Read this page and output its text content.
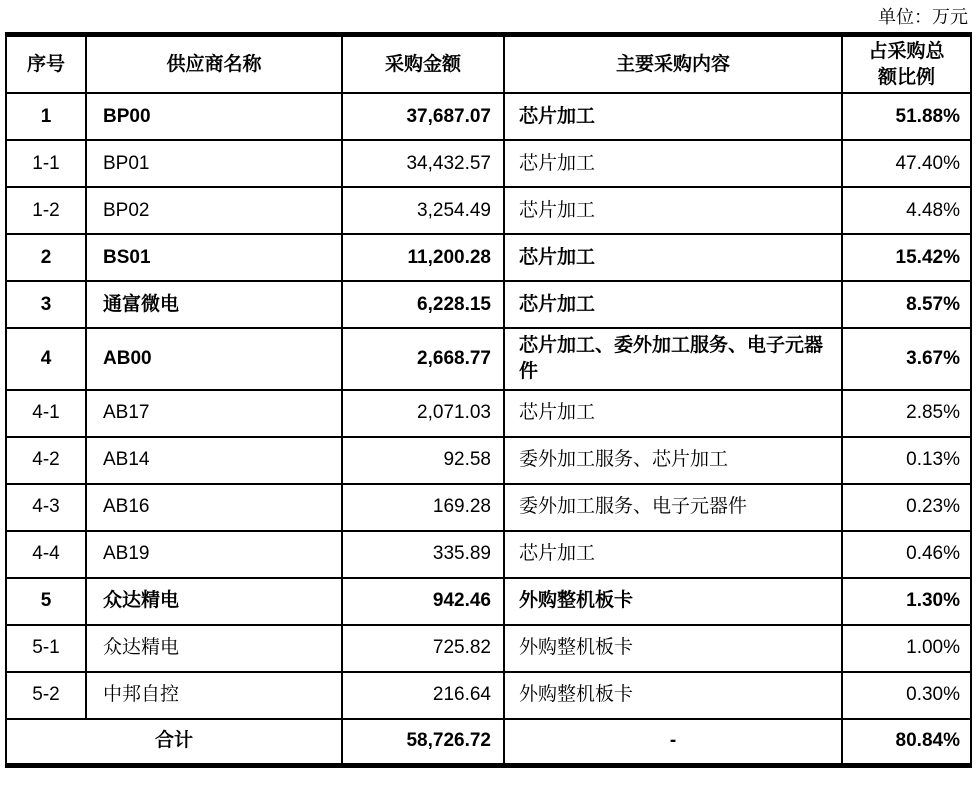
单位：万元
序号	供应商名称	采购金额	主要采购内容	占采购总额比例
1	BP00	37,687.07	芯片加工	51.88%
1-1	BP01	34,432.57	芯片加工	47.40%
1-2	BP02	3,254.49	芯片加工	4.48%
2	BS01	11,200.28	芯片加工	15.42%
3	通富微电	6,228.15	芯片加工	8.57%
4	AB00	2,668.77	芯片加工、委外加工服务、电子元器件	3.67%
4-1	AB17	2,071.03	芯片加工	2.85%
4-2	AB14	92.58	委外加工服务、芯片加工	0.13%
4-3	AB16	169.28	委外加工服务、电子元器件	0.23%
4-4	AB19	335.89	芯片加工	0.46%
5	众达精电	942.46	外购整机板卡	1.30%
5-1	众达精电	725.82	外购整机板卡	1.00%
5-2	中邦自控	216.64	外购整机板卡	0.30%
合计		58,726.72	-	80.84%
